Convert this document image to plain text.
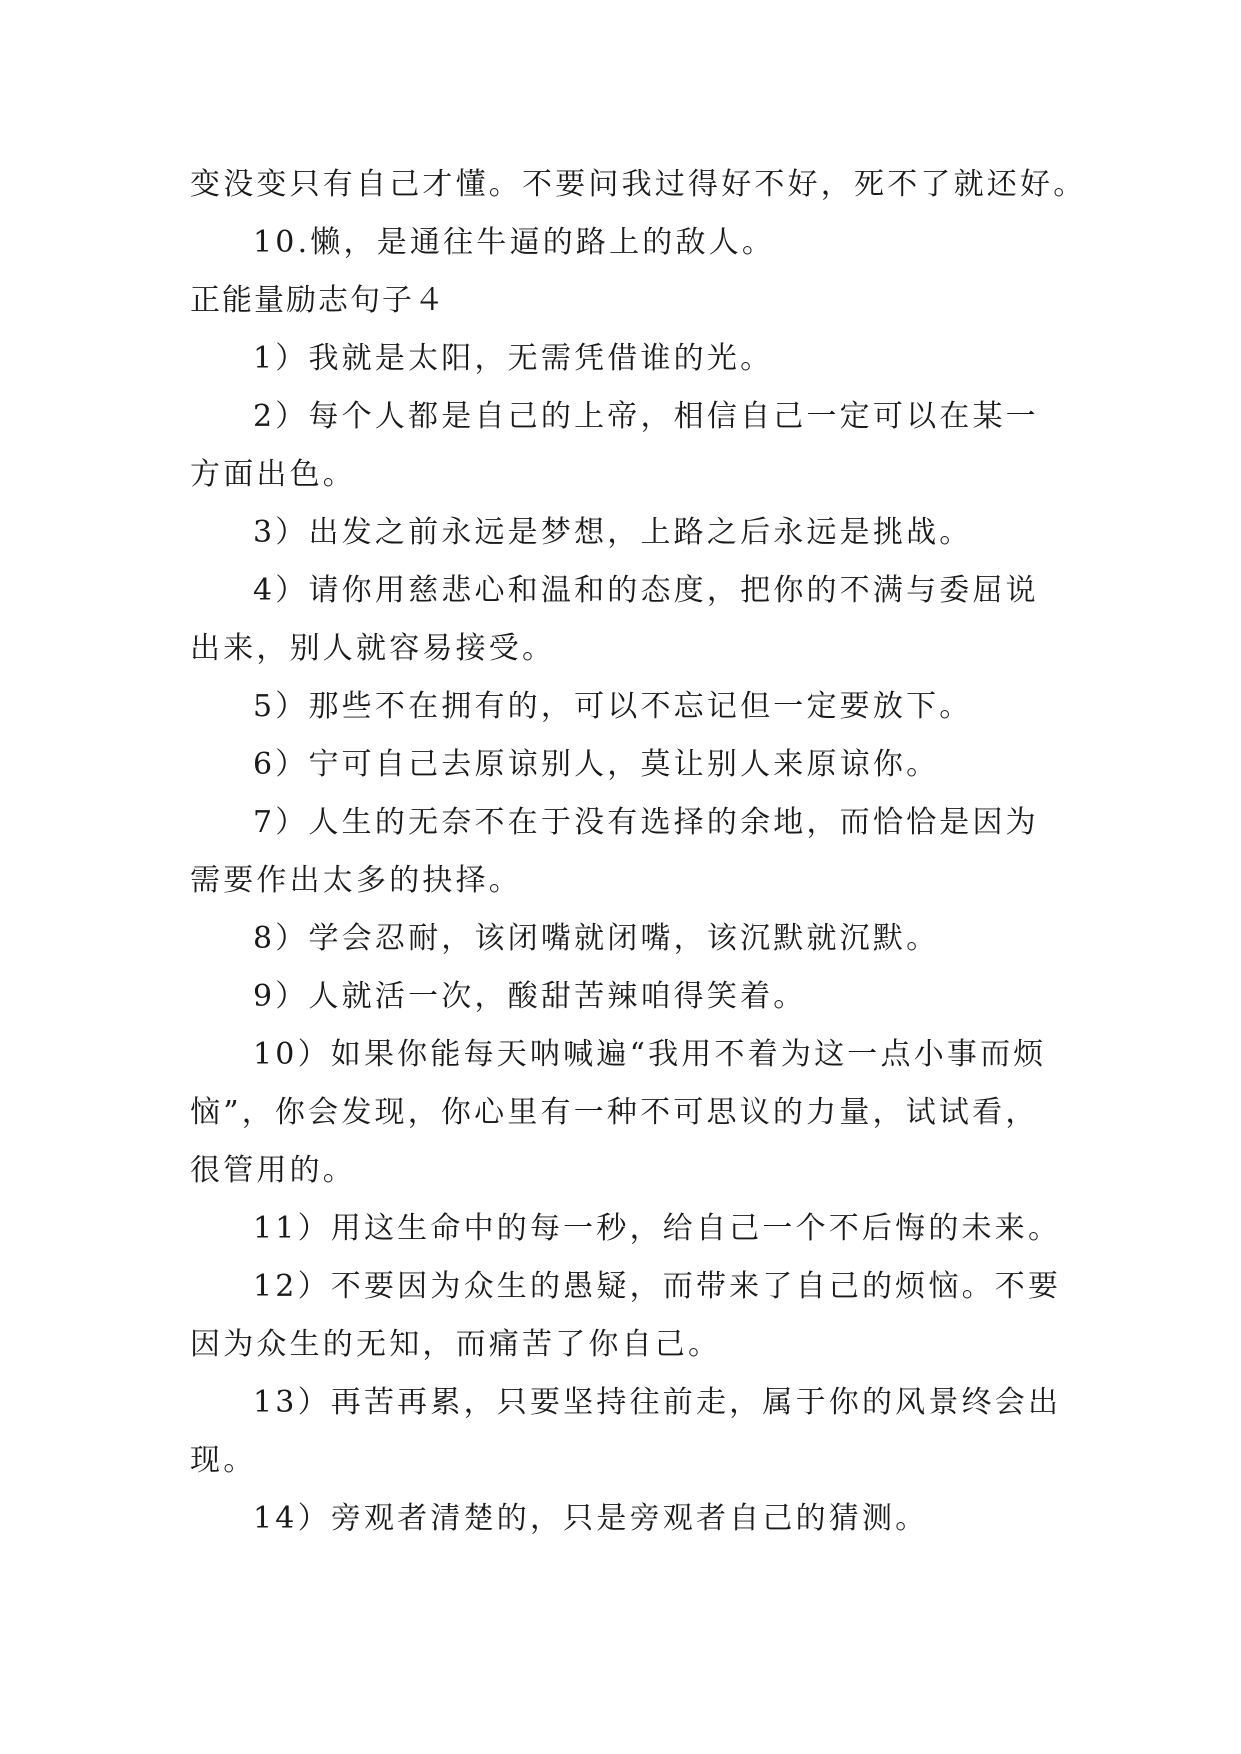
变没变只有自己才懂。不要问我过得好不好，死不了就还好。
10.懒，是通往牛逼的路上的敌人。
正能量励志句子４
1）我就是太阳，无需凭借谁的光。
2）每个人都是自己的上帝，相信自己一定可以在某一
方面出色。
3）出发之前永远是梦想，上路之后永远是挑战。
4）请你用慈悲心和温和的态度，把你的不满与委屈说
出来，别人就容易接受。
5）那些不在拥有的，可以不忘记但一定要放下。
6）宁可自己去原谅别人，莫让别人来原谅你。
7）人生的无奈不在于没有选择的余地，而恰恰是因为
需要作出太多的抉择。
8）学会忍耐，该闭嘴就闭嘴，该沉默就沉默。
9）人就活一次，酸甜苦辣咱得笑着。
10）如果你能每天呐喊遍“我用不着为这一点小事而烦
恼”，你会发现，你心里有一种不可思议的力量，试试看，
很管用的。
11）用这生命中的每一秒，给自己一个不后悔的未来。
12）不要因为众生的愚疑，而带来了自己的烦恼。不要
因为众生的无知，而痛苦了你自己。
13）再苦再累，只要坚持往前走，属于你的风景终会出
现。
14）旁观者清楚的，只是旁观者自己的猜测。
